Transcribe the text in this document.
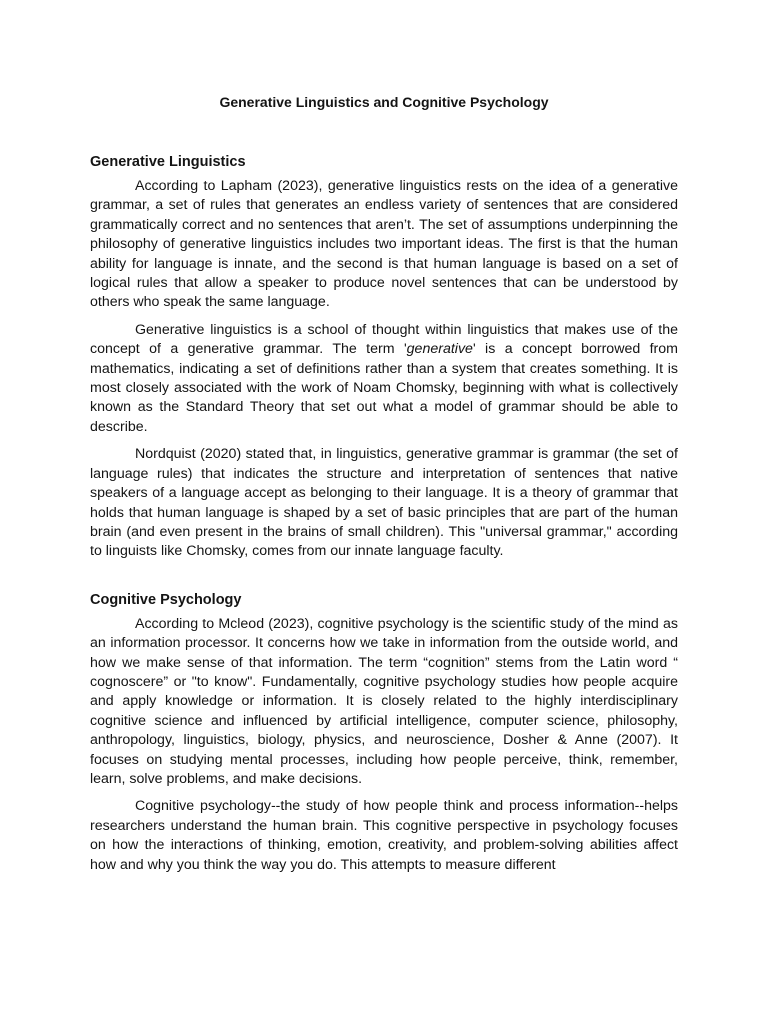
Generative Linguistics and Cognitive Psychology
Generative Linguistics

According to Lapham (2023), generative linguistics rests on the idea of a generative grammar, a set of rules that generates an endless variety of sentences that are considered grammatically correct and no sentences that aren’t. The set of assumptions underpinning the philosophy of generative linguistics includes two important ideas. The first is that the human ability for language is innate, and the second is that human language is based on a set of logical rules that allow a speaker to produce novel sentences that can be understood by others who speak the same language.

Generative linguistics is a school of thought within linguistics that makes use of the concept of a generative grammar. The term 'generative' is a concept borrowed from mathematics, indicating a set of definitions rather than a system that creates something. It is most closely associated with the work of Noam Chomsky, beginning with what is collectively known as the Standard Theory that set out what a model of grammar should be able to describe.

Nordquist (2020) stated that, in linguistics, generative grammar is grammar (the set of language rules) that indicates the structure and interpretation of sentences that native speakers of a language accept as belonging to their language. It is a theory of grammar that holds that human language is shaped by a set of basic principles that are part of the human brain (and even present in the brains of small children). This "universal grammar," according to linguists like Chomsky, comes from our innate language faculty.

Cognitive Psychology

According to Mcleod (2023), cognitive psychology is the scientific study of the mind as an information processor. It concerns how we take in information from the outside world, and how we make sense of that information. The term “cognition” stems from the Latin word “ cognoscere” or "to know". Fundamentally, cognitive psychology studies how people acquire and apply knowledge or information. It is closely related to the highly interdisciplinary cognitive science and influenced by artificial intelligence, computer science, philosophy, anthropology, linguistics, biology, physics, and neuroscience, Dosher & Anne (2007). It focuses on studying mental processes, including how people perceive, think, remember, learn, solve problems, and make decisions.

Cognitive psychology--the study of how people think and process information--helps researchers understand the human brain. This cognitive perspective in psychology focuses on how the interactions of thinking, emotion, creativity, and problem-solving abilities affect how and why you think the way you do. This attempts to measure different
